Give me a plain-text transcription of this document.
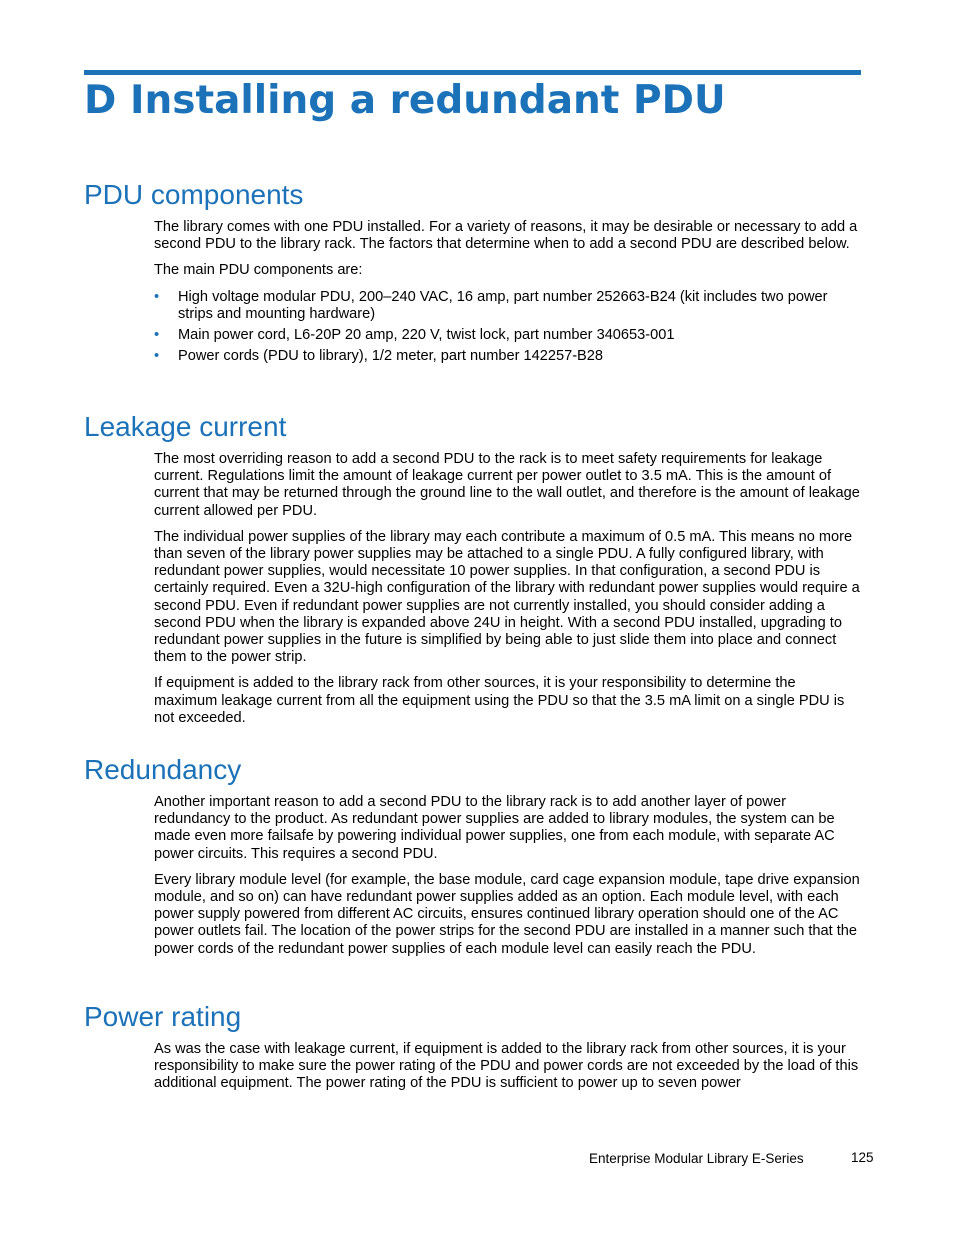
D Installing a redundant PDU
PDU components

The library comes with one PDU installed. For a variety of reasons, it may be desirable or necessary to add a second PDU to the library rack. The factors that determine when to add a second PDU are described below.

The main PDU components are:

• High voltage modular PDU, 200–240 VAC, 16 amp, part number 252663-B24 (kit includes two power strips and mounting hardware)
• Main power cord, L6-20P 20 amp, 220 V, twist lock, part number 340653-001
• Power cords (PDU to library), 1/2 meter, part number 142257-B28
Leakage current

The most overriding reason to add a second PDU to the rack is to meet safety requirements for leakage current. Regulations limit the amount of leakage current per power outlet to 3.5 mA. This is the amount of current that may be returned through the ground line to the wall outlet, and therefore is the amount of leakage current allowed per PDU.

The individual power supplies of the library may each contribute a maximum of 0.5 mA. This means no more than seven of the library power supplies may be attached to a single PDU. A fully configured library, with redundant power supplies, would necessitate 10 power supplies. In that configuration, a second PDU is certainly required. Even a 32U-high configuration of the library with redundant power supplies would require a second PDU. Even if redundant power supplies are not currently installed, you should consider adding a second PDU when the library is expanded above 24U in height. With a second PDU installed, upgrading to redundant power supplies in the future is simplified by being able to just slide them into place and connect them to the power strip.

If equipment is added to the library rack from other sources, it is your responsibility to determine the maximum leakage current from all the equipment using the PDU so that the 3.5 mA limit on a single PDU is not exceeded.

Redundancy

Another important reason to add a second PDU to the library rack is to add another layer of power redundancy to the product. As redundant power supplies are added to library modules, the system can be made even more failsafe by powering individual power supplies, one from each module, with separate AC power circuits. This requires a second PDU.

Every library module level (for example, the base module, card cage expansion module, tape drive expansion module, and so on) can have redundant power supplies added as an option. Each module level, with each power supply powered from different AC circuits, ensures continued library operation should one of the AC power outlets fail. The location of the power strips for the second PDU are installed in a manner such that the power cords of the redundant power supplies of each module level can easily reach the PDU.

Power rating

As was the case with leakage current, if equipment is added to the library rack from other sources, it is your responsibility to make sure the power rating of the PDU and power cords are not exceeded by the load of this additional equipment. The power rating of the PDU is sufficient to power up to seven power

Enterprise Modular Library E-Series	125
